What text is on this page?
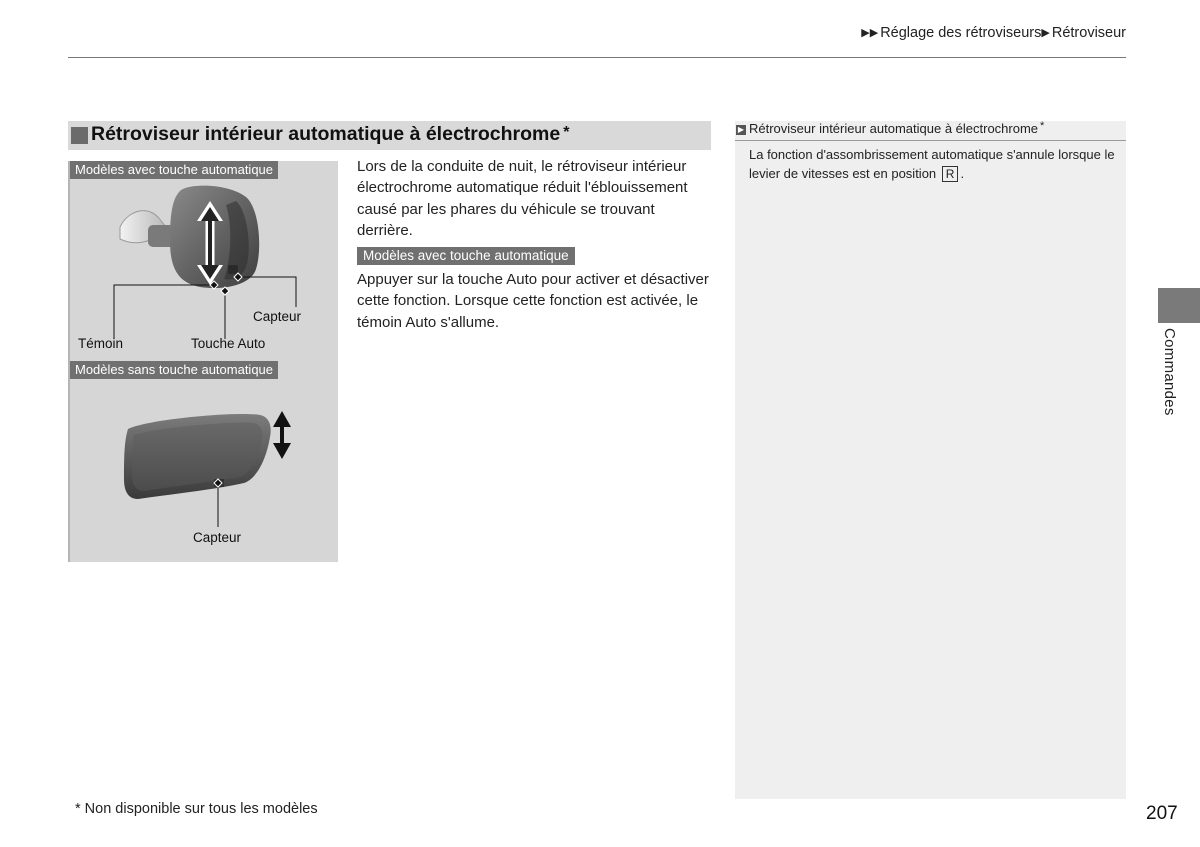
▶▶ Réglage des rétroviseurs▶ Rétroviseur
Rétroviseur intérieur automatique à électrochrome *
Modèles avec touche automatique
Témoin	Touche Auto
Capteur
Modèles sans touche automatique
Capteur

Lors de la conduite de nuit, le rétroviseur intérieur électrochrome automatique réduit l'éblouissement causé par les phares du véhicule se trouvant derrière.

Modèles avec touche automatique

Appuyer sur la touche Auto pour activer et désactiver cette fonction. Lorsque cette fonction est activée, le témoin Auto s'allume.

▶ Rétroviseur intérieur automatique à électrochrome *
La fonction d'assombrissement automatique s'annule lorsque le levier de vitesses est en position R .
Commandes
* Non disponible sur tous les modèles	207
